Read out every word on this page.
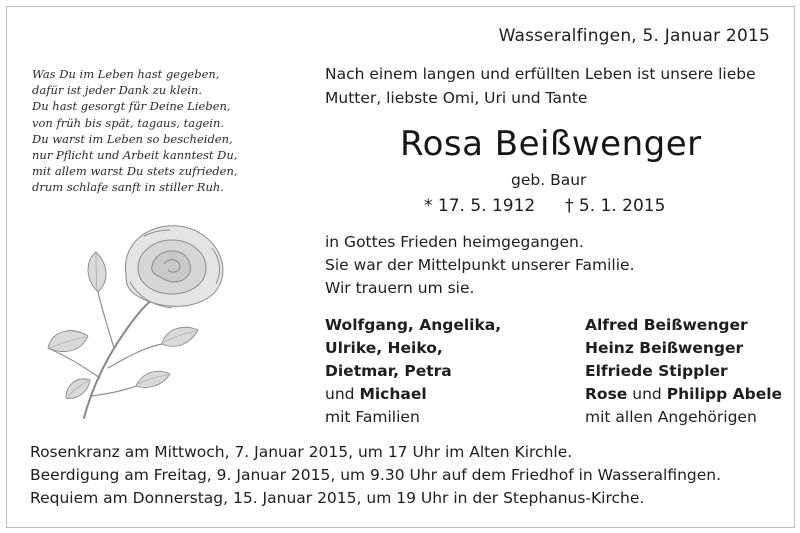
Wasseralfingen, 5. Januar 2015
Was Du im Leben hast gegeben,
dafür ist jeder Dank zu klein.
Du hast gesorgt für Deine Lieben,
von früh bis spät, tagaus, tagein.
Du warst im Leben so bescheiden,
nur Pflicht und Arbeit kanntest Du,
mit allem warst Du stets zufrieden,
drum schlafe sanft in stiller Ruh.
Nach einem langen und erfüllten Leben ist unsere liebe
Mutter, liebste Omi, Uri und Tante
Rosa Beißwenger
geb. Baur
* 17. 5. 1912 † 5. 1. 2015
in Gottes Frieden heimgegangen.
Sie war der Mittelpunkt unserer Familie.
Wir trauern um sie.
Wolfgang, Angelika,
Ulrike, Heiko,
Dietmar, Petra
und Michael
mit Familien
Alfred Beißwenger
Heinz Beißwenger
Elfriede Stippler
Rose und Philipp Abele
mit allen Angehörigen
Rosenkranz am Mittwoch, 7. Januar 2015, um 17 Uhr im Alten Kirchle.
Beerdigung am Freitag, 9. Januar 2015, um 9.30 Uhr auf dem Friedhof in Wasseralfingen.
Requiem am Donnerstag, 15. Januar 2015, um 19 Uhr in der Stephanus-Kirche.
